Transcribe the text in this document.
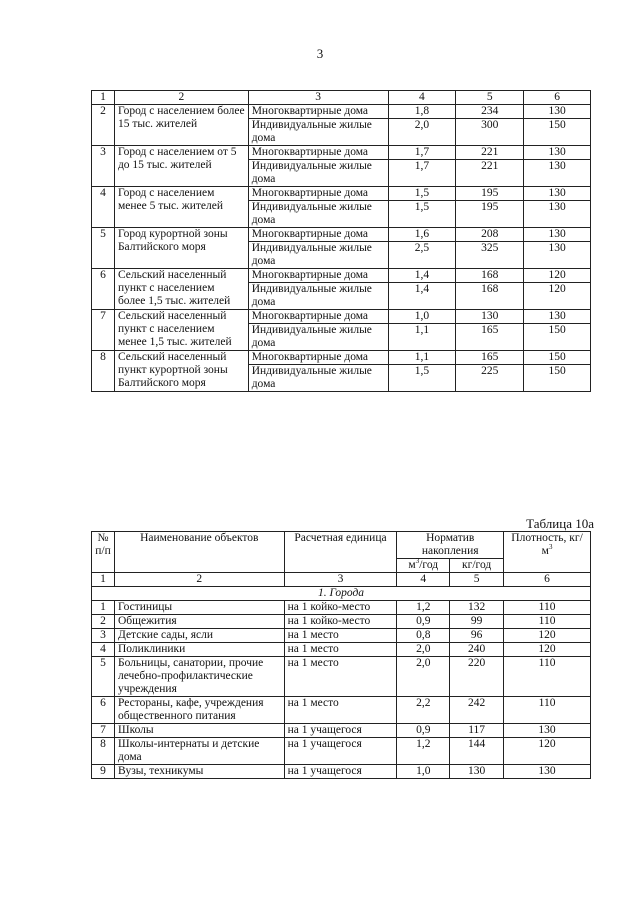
3
1	2	3	4	5	6
2	Город с населением более 15 тыс. жителей	Многоквартирные дома	1,8	234	130
		Индивидуальные жилые дома	2,0	300	150
3	Город с населением от 5 до 15 тыс. жителей	Многоквартирные дома	1,7	221	130
		Индивидуальные жилые дома	1,7	221	130
4	Город с населением менее 5 тыс. жителей	Многоквартирные дома	1,5	195	130
		Индивидуальные жилые дома	1,5	195	130
5	Город курортной зоны Балтийского моря	Многоквартирные дома	1,6	208	130
		Индивидуальные жилые дома	2,5	325	130
6	Сельский населенный пункт с населением более 1,5 тыс. жителей	Многоквартирные дома	1,4	168	120
		Индивидуальные жилые дома	1,4	168	120
7	Сельский населенный пункт с населением менее 1,5 тыс. жителей	Многоквартирные дома	1,0	130	130
		Индивидуальные жилые дома	1,1	165	150
8	Сельский населенный пункт курортной зоны Балтийского моря	Многоквартирные дома	1,1	165	150
		Индивидуальные жилые дома	1,5	225	150
Таблица 10а
№ п/п	Наименование объектов	Расчетная единица	Норматив накопления		Плотность, $кг/м^3$
			$м^3$/год	кг/год	
1	2	3	4	5	6
1. Города					
1	Гостиницы	на 1 койко-место	1,2	132	110
2	Общежития	на 1 койко-место	0,9	99	110
3	Детские сады, ясли	на 1 место	0,8	96	120
4	Поликлиники	на 1 место	2,0	240	120
5	Больницы, санатории, прочие лечебно-профилактические учреждения	на 1 место	2,0	220	110
6	Рестораны, кафе, учреждения общественного питания	на 1 место	2,2	242	110
7	Школы	на 1 учащегося	0,9	117	130
8	Школы-интернаты и детские дома	на 1 учащегося	1,2	144	120
9	Вузы, техникумы	на 1 учащегося	1,0	130	130
